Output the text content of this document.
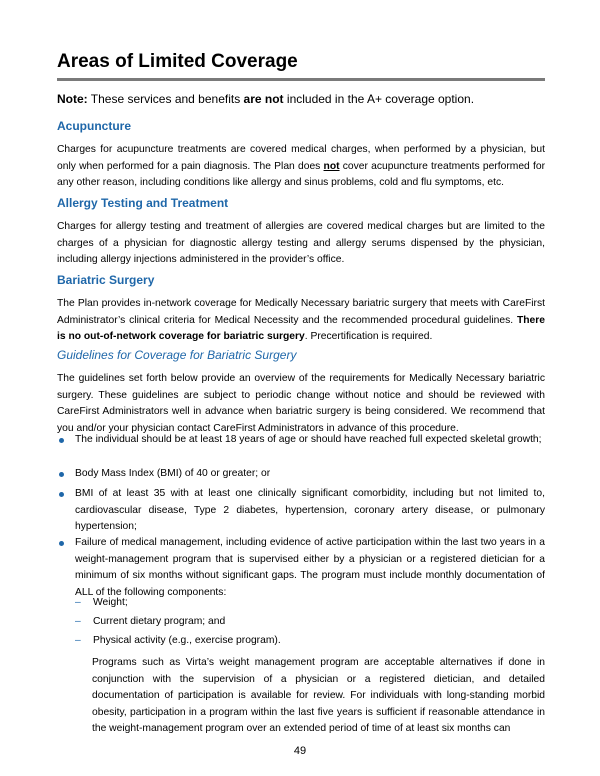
Areas of Limited Coverage
Note: These services and benefits are not included in the A+ coverage option.
Acupuncture

Charges for acupuncture treatments are covered medical charges, when performed by a physician, but only when performed for a pain diagnosis. The Plan does not cover acupuncture treatments performed for any other reason, including conditions like allergy and sinus problems, cold and flu symptoms, etc.

Allergy Testing and Treatment

Charges for allergy testing and treatment of allergies are covered medical charges but are limited to the charges of a physician for diagnostic allergy testing and allergy serums dispensed by the physician, including allergy injections administered in the provider’s office.

Bariatric Surgery

The Plan provides in-network coverage for Medically Necessary bariatric surgery that meets with CareFirst Administrator’s clinical criteria for Medical Necessity and the recommended procedural guidelines. There is no out-of-network coverage for bariatric surgery. Precertification is required.

Guidelines for Coverage for Bariatric Surgery

The guidelines set forth below provide an overview of the requirements for Medically Necessary bariatric surgery. These guidelines are subject to periodic change without notice and should be reviewed with CareFirst Administrators well in advance when bariatric surgery is being considered. We recommend that you and/or your physician contact CareFirst Administrators in advance of this procedure.

The individual should be at least 18 years of age or should have reached full expected skeletal growth;

Body Mass Index (BMI) of 40 or greater; or

BMI of at least 35 with at least one clinically significant comorbidity, including but not limited to, cardiovascular disease, Type 2 diabetes, hypertension, coronary artery disease, or pulmonary hypertension;

Failure of medical management, including evidence of active participation within the last two years in a weight-management program that is supervised either by a physician or a registered dietician for a minimum of six months without significant gaps. The program must include monthly documentation of ALL of the following components:

– Weight;

– Current dietary program; and

– Physical activity (e.g., exercise program).

Programs such as Virta’s weight management program are acceptable alternatives if done in conjunction with the supervision of a physician or a registered dietician, and detailed documentation of participation is available for review. For individuals with long-standing morbid obesity, participation in a program within the last five years is sufficient if reasonable attendance in the weight-management program over an extended period of time of at least six months can

49
